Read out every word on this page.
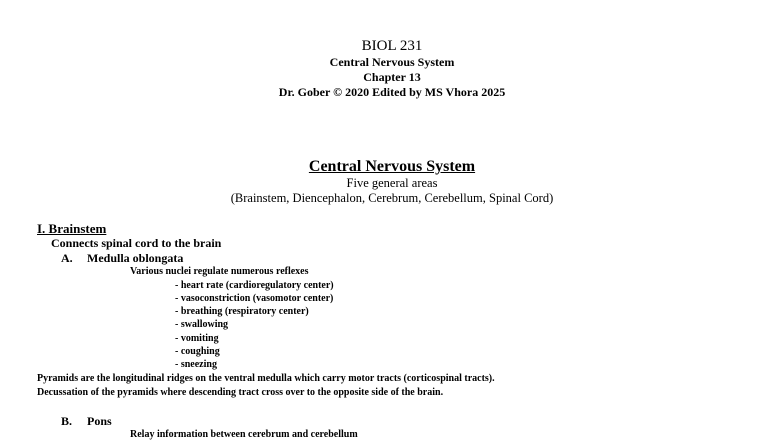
BIOL 231
Central Nervous System
Chapter 13
Dr. Gober © 2020 Edited by MS Vhora 2025
Central Nervous System
Five general areas
(Brainstem, Diencephalon, Cerebrum, Cerebellum, Spinal Cord)
I. Brainstem
Connects spinal cord to the brain
A. Medulla oblongata
Various nuclei regulate numerous reflexes
- heart rate (cardioregulatory center)
- vasoconstriction (vasomotor center)
- breathing (respiratory center)
- swallowing
- vomiting
- coughing
- sneezing
Pyramids are the longitudinal ridges on the ventral medulla which carry motor tracts (corticospinal tracts).
Decussation of the pyramids where descending tract cross over to the opposite side of the brain.
B. Pons
Relay information between cerebrum and cerebellum
